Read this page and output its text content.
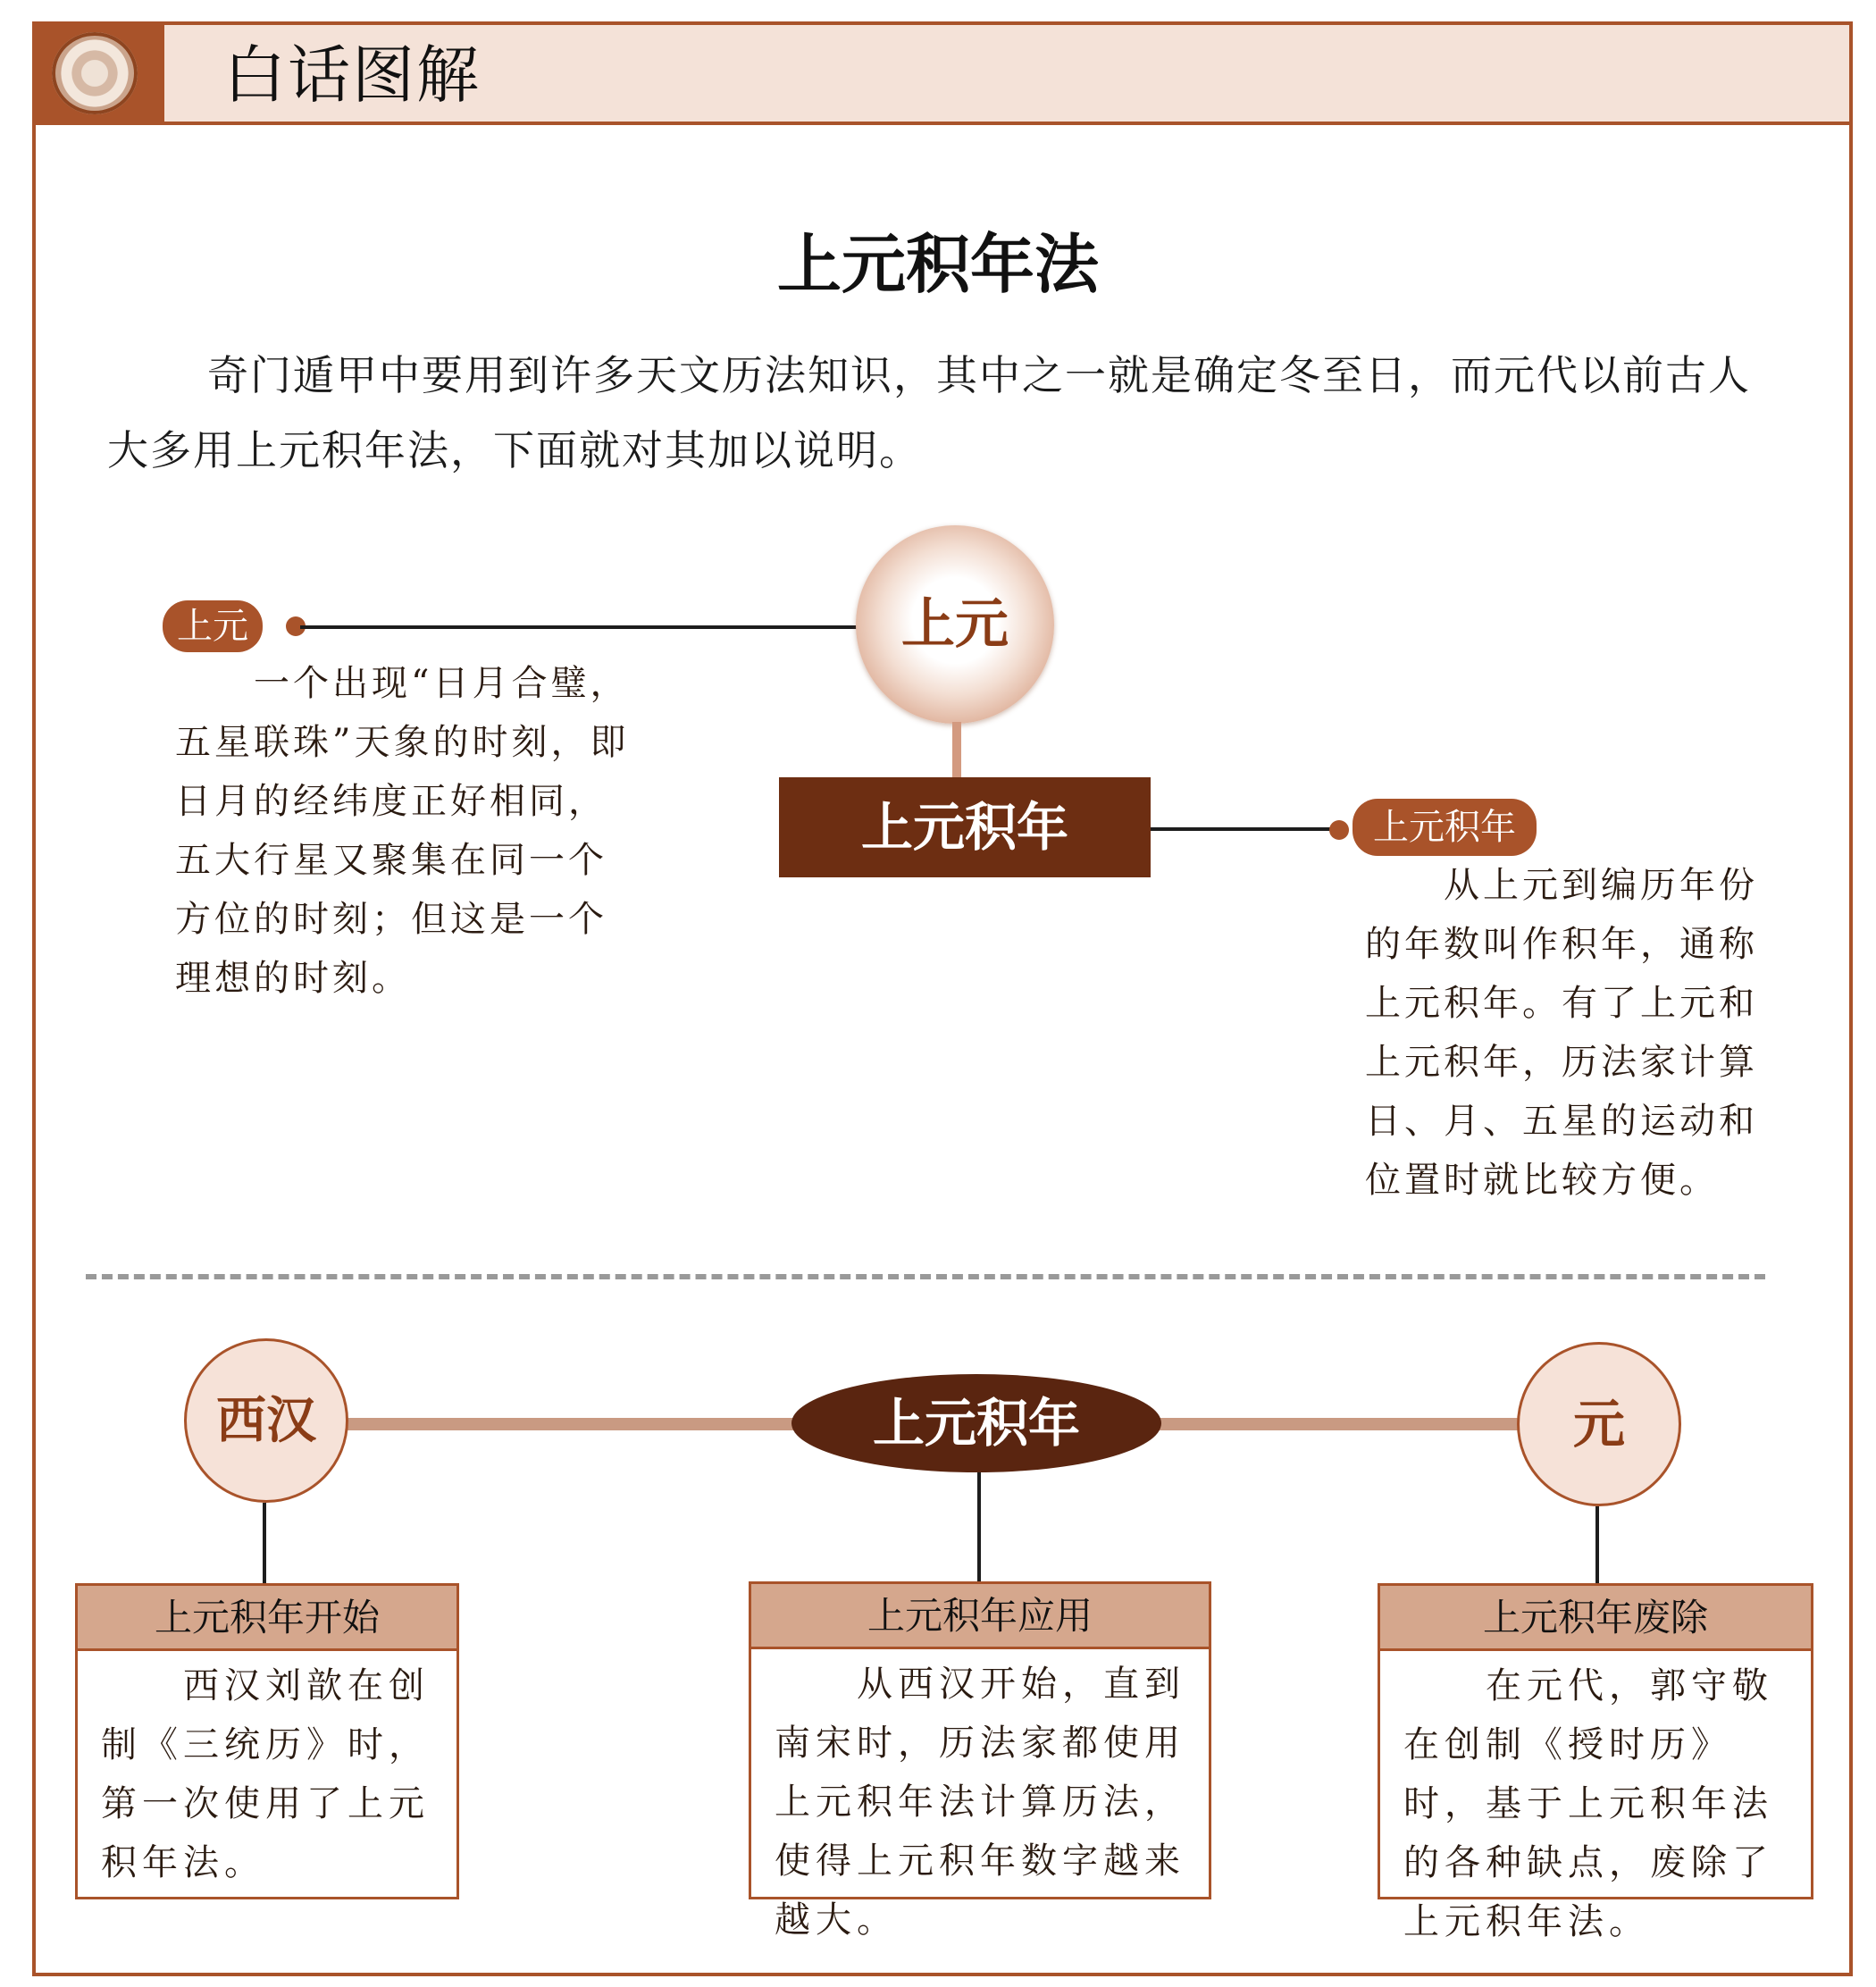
白话图解
上元积年法
奇门遁甲中要用到许多天文历法知识，其中之一就是确定冬至日，而元代以前古人大多用上元积年法，下面就对其加以说明。
上元	上元
上元积年	上元积年
一个出现“日月合璧，五星联珠”天象的时刻，即日月的经纬度正好相同，五大行星又聚集在同一个方位的时刻；但这是一个理想的时刻。
从上元到编历年份的年数叫作积年，通称上元积年。有了上元和上元积年，历法家计算日、月、五星的运动和位置时就比较方便。
西汉	上元积年	元
上元积年开始
西汉刘歆在创制《三统历》时，第一次使用了上元积年法。
上元积年应用
从西汉开始，直到南宋时，历法家都使用上元积年法计算历法，使得上元积年数字越来越大。
上元积年废除
在元代，郭守敬在创制《授时历》时，基于上元积年法的各种缺点，废除了上元积年法。
